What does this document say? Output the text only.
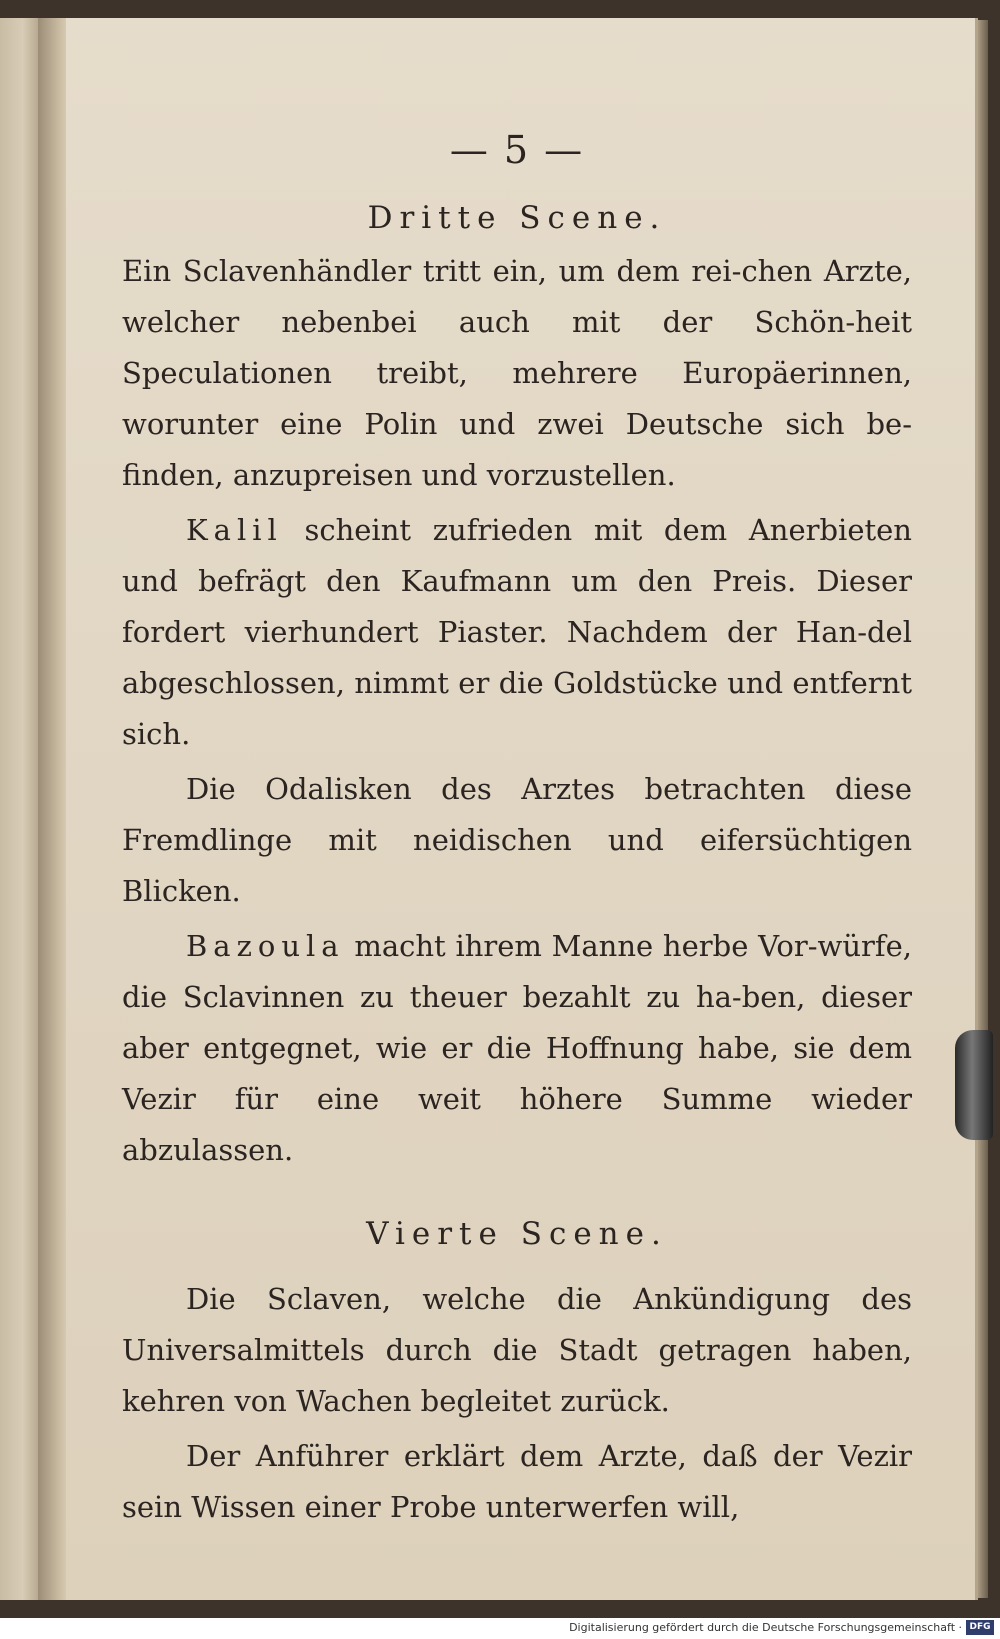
— 5 —
Dritte Scene.

Ein Sclavenhändler tritt ein, um dem rei-chen Arzte, welcher nebenbei auch mit der Schön-heit Speculationen treibt, mehrere Europäerinnen, worunter eine Polin und zwei Deutsche sich be-finden, anzupreisen und vorzustellen.

Kalil scheint zufrieden mit dem Anerbieten und befrägt den Kaufmann um den Preis. Dieser fordert vierhundert Piaster. Nachdem der Han-del abgeschlossen, nimmt er die Goldstücke und entfernt sich.

Die Odalisken des Arztes betrachten diese Fremdlinge mit neidischen und eifersüchtigen Blicken.

Bazoula macht ihrem Manne herbe Vor-würfe, die Sclavinnen zu theuer bezahlt zu ha-ben, dieser aber entgegnet, wie er die Hoffnung habe, sie dem Vezir für eine weit höhere Summe wieder abzulassen.

Vierte Scene.

Die Sclaven, welche die Ankündigung des Universalmittels durch die Stadt getragen haben, kehren von Wachen begleitet zurück.

Der Anführer erklärt dem Arzte, daß der Vezir sein Wissen einer Probe unterwerfen will,

Digitalisierung gefördert durch die Deutsche Forschungsgemeinschaft · DFG
